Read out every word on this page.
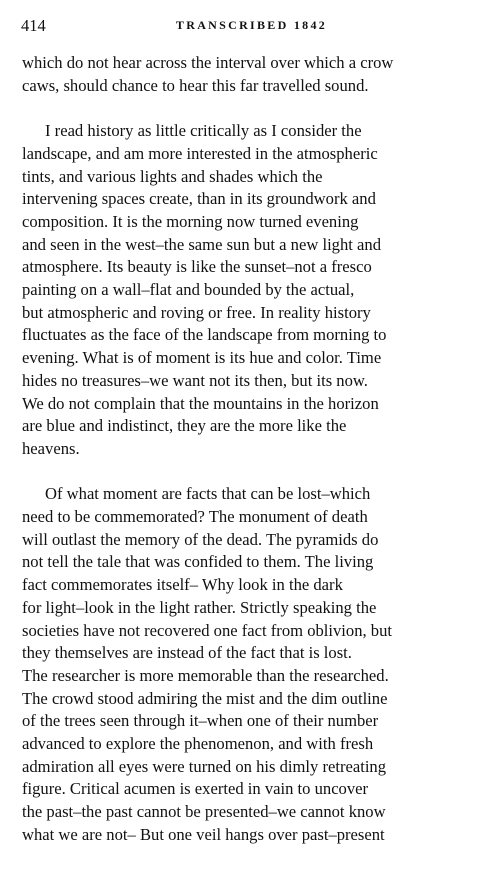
414	TRANSCRIBED 1842
which do not hear across the interval over which a crow
caws, should chance to hear this far travelled sound.
I read history as little critically as I consider the
landscape, and am more interested in the atmospheric
tints, and various lights and shades which the
intervening spaces create, than in its groundwork and
composition. It is the morning now turned evening
and seen in the west–the same sun but a new light and
atmosphere. Its beauty is like the sunset–not a fresco
painting on a wall–flat and bounded by the actual,
but atmospheric and roving or free. In reality history
fluctuates as the face of the landscape from morning to
evening. What is of moment is its hue and color. Time
hides no treasures–we want not its then, but its now.
We do not complain that the mountains in the horizon
are blue and indistinct, they are the more like the
heavens.
Of what moment are facts that can be lost–which
need to be commemorated? The monument of death
will outlast the memory of the dead. The pyramids do
not tell the tale that was confided to them. The living
fact commemorates itself– Why look in the dark
for light–look in the light rather. Strictly speaking the
societies have not recovered one fact from oblivion, but
they themselves are instead of the fact that is lost.
The researcher is more memorable than the researched.
The crowd stood admiring the mist and the dim outline
of the trees seen through it–when one of their number
advanced to explore the phenomenon, and with fresh
admiration all eyes were turned on his dimly retreating
figure. Critical acumen is exerted in vain to uncover
the past–the past cannot be presented–we cannot know
what we are not– But one veil hangs over past–present
